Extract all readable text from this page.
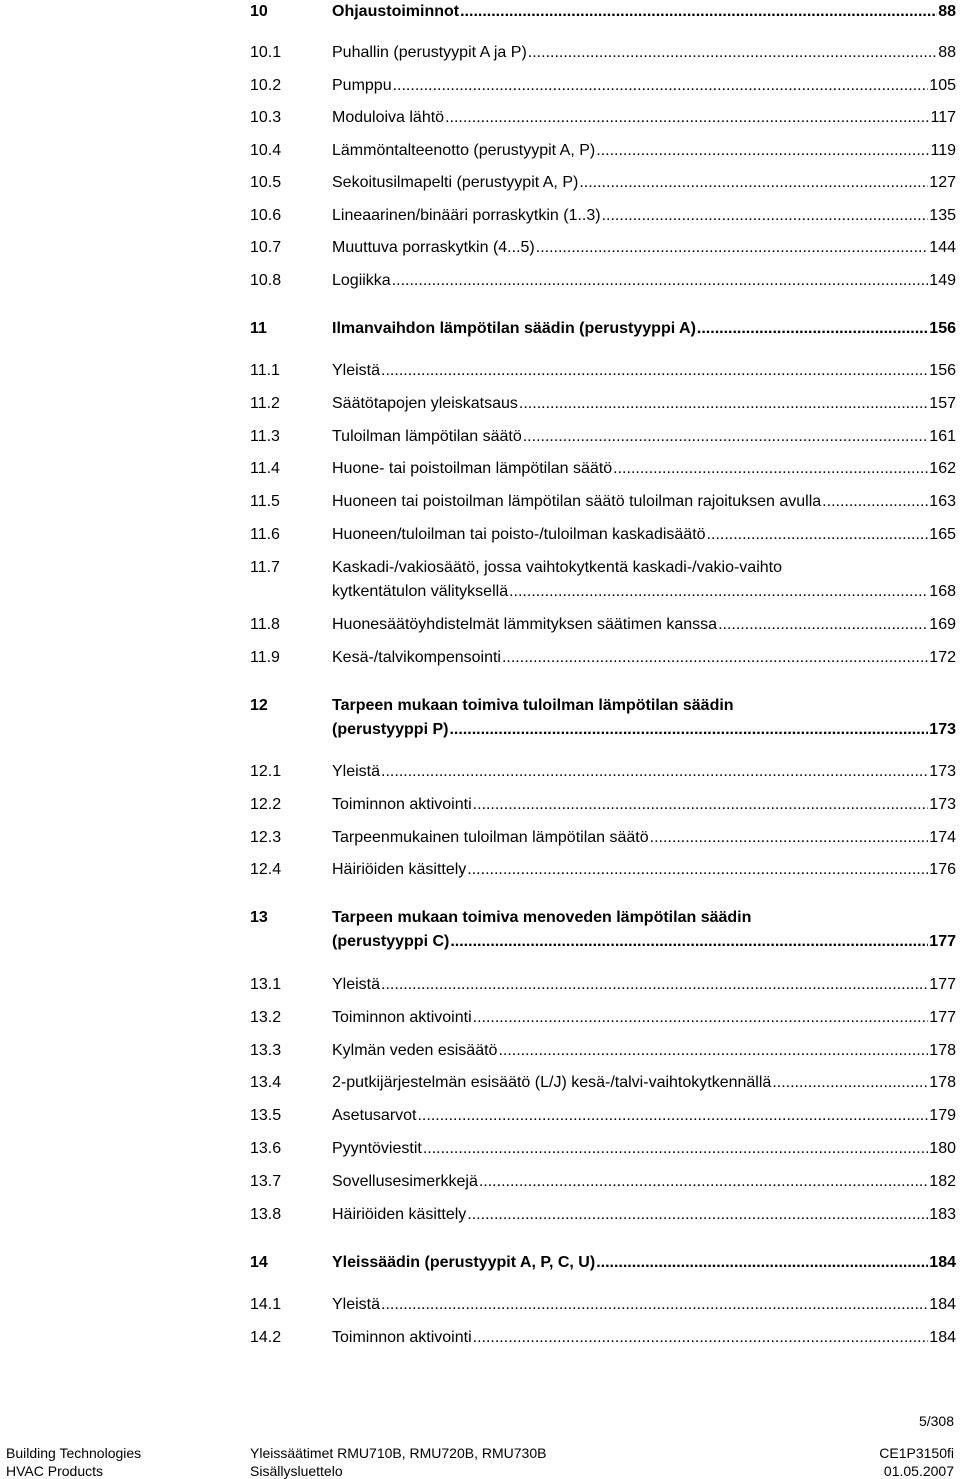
10	Ohjaustoiminnot .....	88
10.1	Puhallin (perustyypit A ja P) .....	88
10.2	Pumppu .....	105
10.3	Moduloiva lähtö .....	117
10.4	Lämmöntalteenotto (perustyypit A, P) .....	119
10.5	Sekoitusilmapelti (perustyypit A, P) .....	127
10.6	Lineaarinen/binääri porraskytkin (1..3) .....	135
10.7	Muuttuva porraskytkin (4...5) .....	144
10.8	Logiikka .....	149
11	Ilmanvaihdon lämpötilan säädin (perustyyppi A) .....	156
11.1	Yleistä .....	156
11.2	Säätötapojen yleiskatsaus .....	157
11.3	Tuloilman lämpötilan säätö .....	161
11.4	Huone- tai poistoilman lämpötilan säätö .....	162
11.5	Huoneen tai poistoilman lämpötilan säätö tuloilman rajoituksen avulla .....	163
11.6	Huoneen/tuloilman tai poisto-/tuloilman kaskadisäätö .....	165
11.7	Kaskadi-/vakiosäätö, jossa vaihtokytkentä kaskadi-/vakio-vaihto
kytkentätulon välityksellä .....	168
11.8	Huonesäätöyhdistelmät lämmityksen säätimen kanssa .....	169
11.9	Kesä-/talvikompensointi .....	172
12	Tarpeen mukaan toimiva tuloilman lämpötilan säädin
(perustyyppi P) .....	173
12.1	Yleistä .....	173
12.2	Toiminnon aktivointi .....	173
12.3	Tarpeenmukainen tuloilman lämpötilan säätö .....	174
12.4	Häiriöiden käsittely .....	176
13	Tarpeen mukaan toimiva menoveden lämpötilan säädin
(perustyyppi C) .....	177
13.1	Yleistä .....	177
13.2	Toiminnon aktivointi .....	177
13.3	Kylmän veden esisäätö .....	178
13.4	2-putkijärjestelmän esisäätö (L/J) kesä-/talvi-vaihtokytkennällä .....	178
13.5	Asetusarvot .....	179
13.6	Pyyntöviestit .....	180
13.7	Sovellusesimerkkejä .....	182
13.8	Häiriöiden käsittely .....	183
14	Yleissäädin (perustyypit A, P, C, U) .....	184
14.1	Yleistä .....	184
14.2	Toiminnon aktivointi .....	184
5/308
Building Technologies
HVAC Products
Yleissäätimet RMU710B, RMU720B, RMU730B
Sisällysluettelo
CE1P3150fi
01.05.2007
